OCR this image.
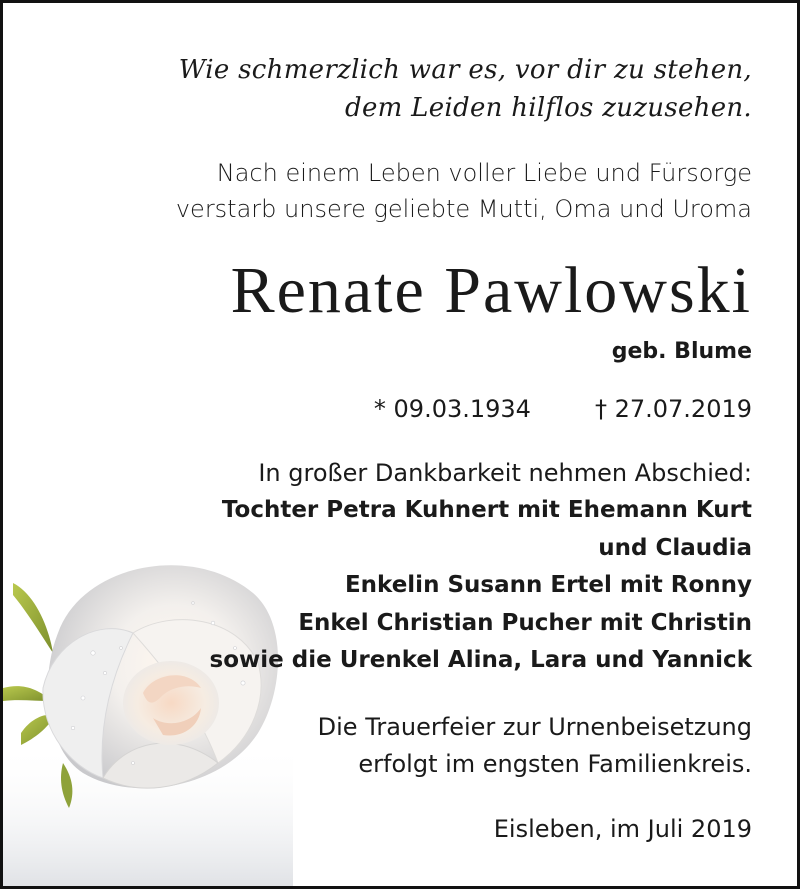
Wie schmerzlich war es, vor dir zu stehen,
dem Leiden hilflos zuzusehen.
Nach einem Leben voller Liebe und Fürsorge
verstarb unsere geliebte Mutti, Oma und Uroma
Renate Pawlowski
geb. Blume
* 09.03.1934	† 27.07.2019
In großer Dankbarkeit nehmen Abschied:
Tochter Petra Kuhnert mit Ehemann Kurt
und Claudia
Enkelin Susann Ertel mit Ronny
Enkel Christian Pucher mit Christin
sowie die Urenkel Alina, Lara und Yannick
Die Trauerfeier zur Urnenbeisetzung
erfolgt im engsten Familienkreis.
Eisleben, im Juli 2019
